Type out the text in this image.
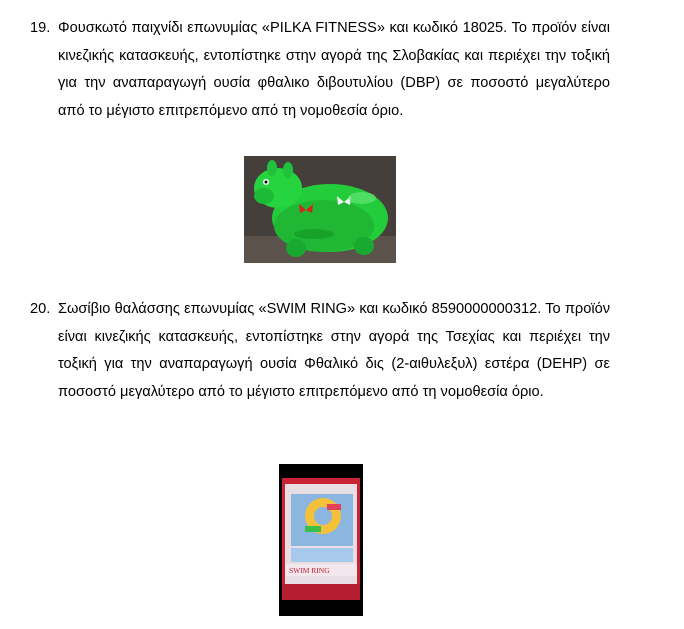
19. Φουσκωτό παιχνίδι επωνυμίας «PILKA FITNESS» και κωδικό 18025. Το προϊόν είναι κινεζικής κατασκευής, εντοπίστηκε στην αγορά της Σλοβακίας και περιέχει την τοξική για την αναπαραγωγή ουσία φθαλικο διβουτυλίου (DBP) σε ποσοστό μεγαλύτερο από το μέγιστο επιτρεπόμενο από τη νομοθεσία όριο.
20. Σωσίβιο θαλάσσης επωνυμίας «SWIM RING» και κωδικό 8590000000312. Το προϊόν είναι κινεζικής κατασκευής, εντοπίστηκε στην αγορά της Τσεχίας και περιέχει την τοξική για την αναπαραγωγή ουσία Φθαλικό δις (2-αιθυλεξυλ) εστέρα (DEHP) σε ποσοστό μεγαλύτερο από το μέγιστο επιτρεπόμενο από τη νομοθεσία όριο.
SWIM RING
